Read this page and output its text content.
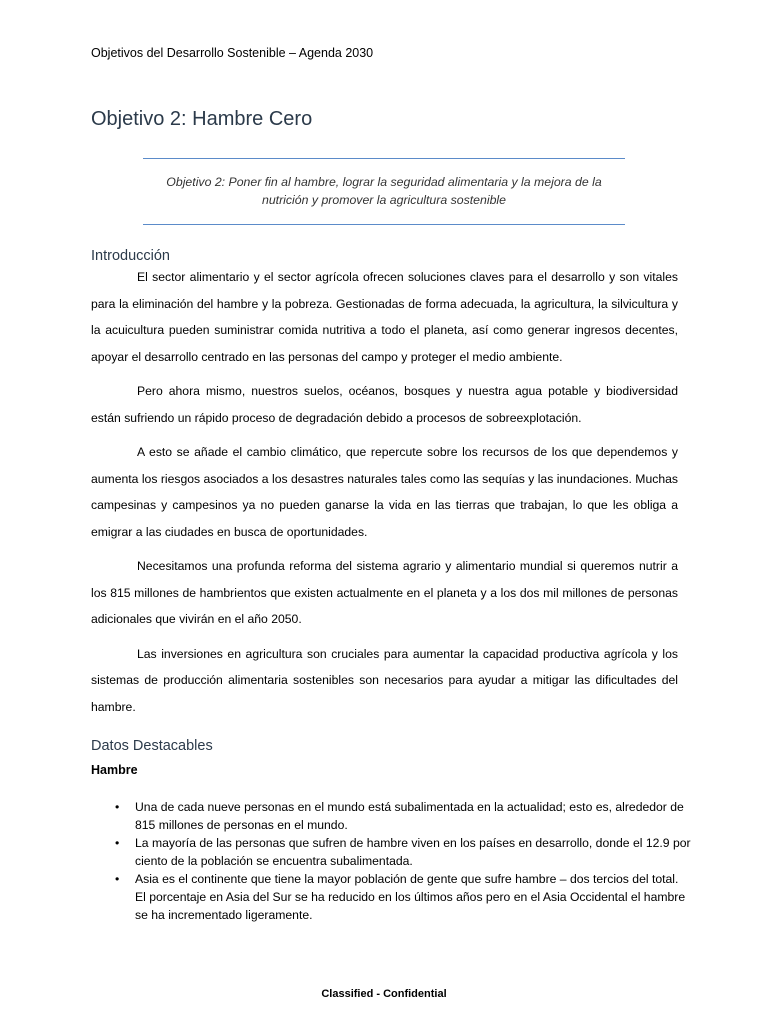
Objetivos del Desarrollo Sostenible – Agenda 2030
Objetivo 2: Hambre Cero
Objetivo 2: Poner fin al hambre, lograr la seguridad alimentaria y la mejora de la
nutrición y promover la agricultura sostenible
Introducción

El sector alimentario y el sector agrícola ofrecen soluciones claves para el desarrollo y son vitales para la eliminación del hambre y la pobreza. Gestionadas de forma adecuada, la agricultura, la silvicultura y la acuicultura pueden suministrar comida nutritiva a todo el planeta, así como generar ingresos decentes, apoyar el desarrollo centrado en las personas del campo y proteger el medio ambiente.

Pero ahora mismo, nuestros suelos, océanos, bosques y nuestra agua potable y biodiversidad están sufriendo un rápido proceso de degradación debido a procesos de sobreexplotación.

A esto se añade el cambio climático, que repercute sobre los recursos de los que dependemos y aumenta los riesgos asociados a los desastres naturales tales como las sequías y las inundaciones. Muchas campesinas y campesinos ya no pueden ganarse la vida en las tierras que trabajan, lo que les obliga a emigrar a las ciudades en busca de oportunidades.

Necesitamos una profunda reforma del sistema agrario y alimentario mundial si queremos nutrir a los 815 millones de hambrientos que existen actualmente en el planeta y a los dos mil millones de personas adicionales que vivirán en el año 2050.

Las inversiones en agricultura son cruciales para aumentar la capacidad productiva agrícola y los sistemas de producción alimentaria sostenibles son necesarios para ayudar a mitigar las dificultades del hambre.

Datos Destacables
Hambre
• Una de cada nueve personas en el mundo está subalimentada en la actualidad; esto es, alrededor de 815 millones de personas en el mundo.
• La mayoría de las personas que sufren de hambre viven en los países en desarrollo, donde el 12.9 por ciento de la población se encuentra subalimentada.
• Asia es el continente que tiene la mayor población de gente que sufre hambre – dos tercios del total. El porcentaje en Asia del Sur se ha reducido en los últimos años pero en el Asia Occidental el hambre se ha incrementado ligeramente.
Classified - Confidential
